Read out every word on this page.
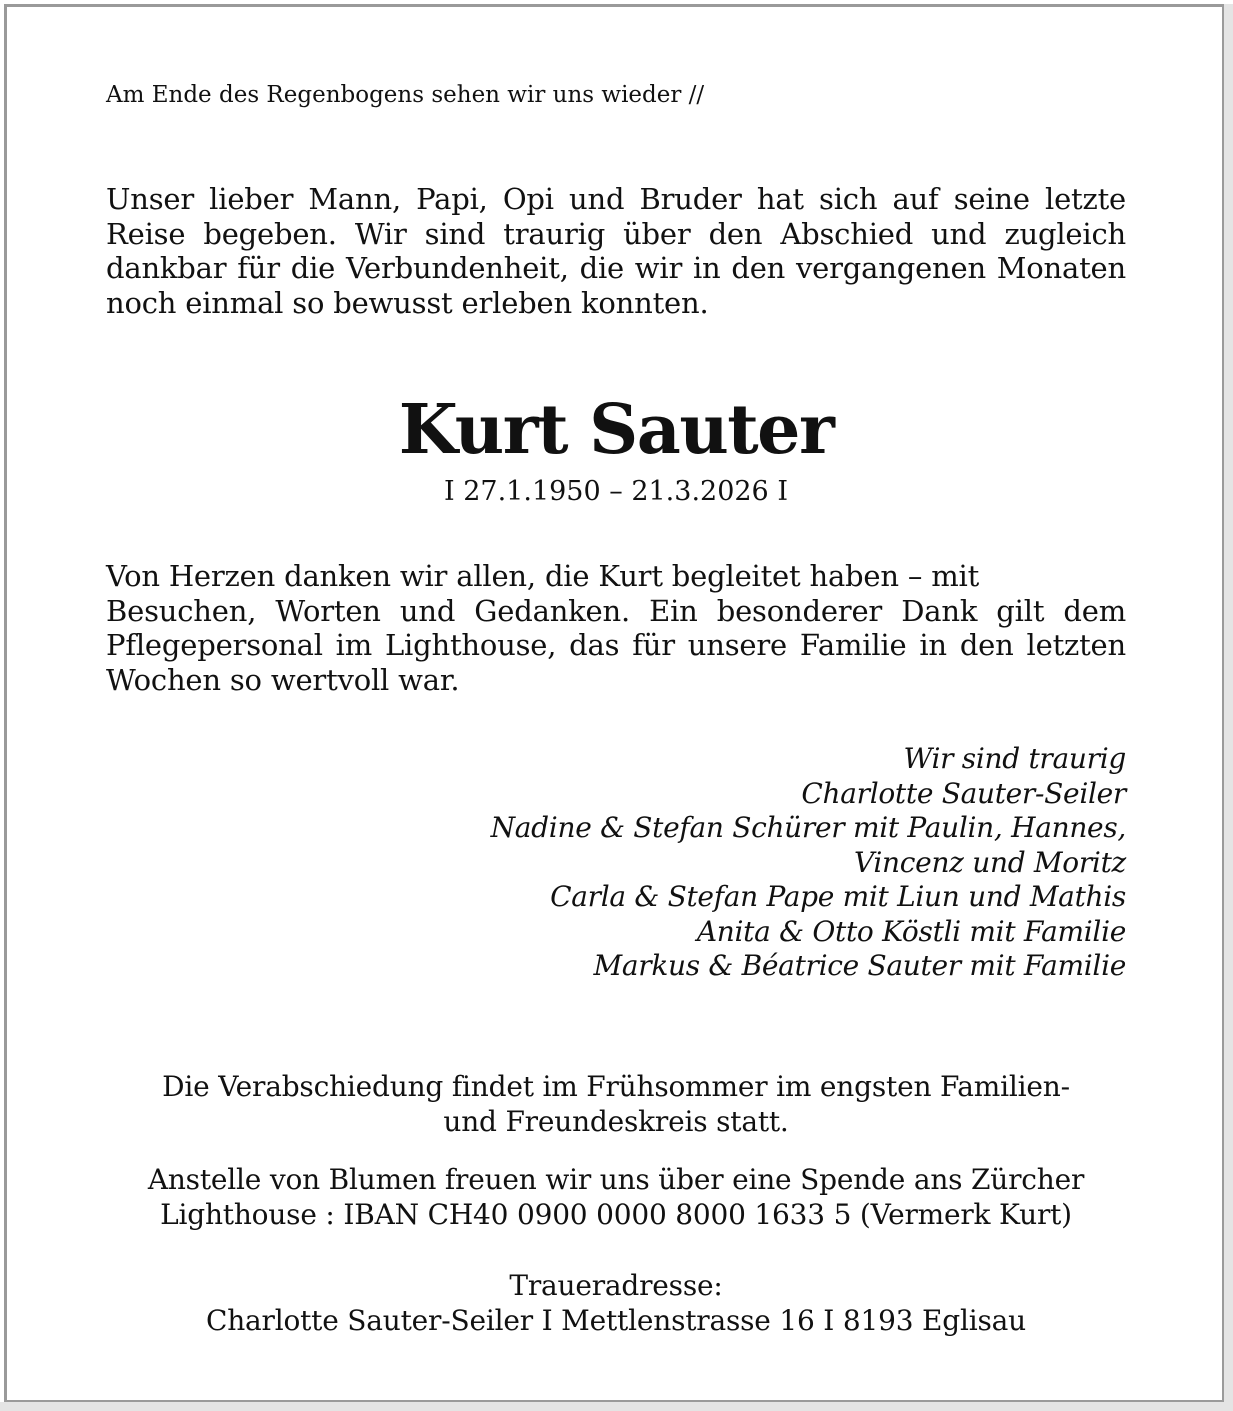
Am Ende des Regenbogens sehen wir uns wieder //
Unser lieber Mann, Papi, Opi und Bruder hat sich auf seine letzte Reise begeben. Wir sind traurig über den Abschied und zugleich dankbar für die Verbundenheit, die wir in den vergangenen Monaten noch einmal so bewusst erleben konnten.
Kurt Sauter
I 27.1.1950 – 21.3.2026 I
Von Herzen danken wir allen, die Kurt begleitet haben – mit
Besuchen, Worten und Gedanken. Ein besonderer Dank gilt dem Pflegepersonal im Lighthouse, das für unsere Familie in den letzten Wochen so wertvoll war.
Wir sind traurig
Charlotte Sauter-Seiler
Nadine & Stefan Schürer mit Paulin, Hannes,
Vincenz und Moritz
Carla & Stefan Pape mit Liun und Mathis
Anita & Otto Köstli mit Familie
Markus & Béatrice Sauter mit Familie
Die Verabschiedung findet im Frühsommer im engsten Familien-
und Freundeskreis statt.
Anstelle von Blumen freuen wir uns über eine Spende ans Zürcher
Lighthouse : IBAN CH40 0900 0000 8000 1633 5 (Vermerk Kurt)
Traueradresse:
Charlotte Sauter-Seiler I Mettlenstrasse 16 I 8193 Eglisau
